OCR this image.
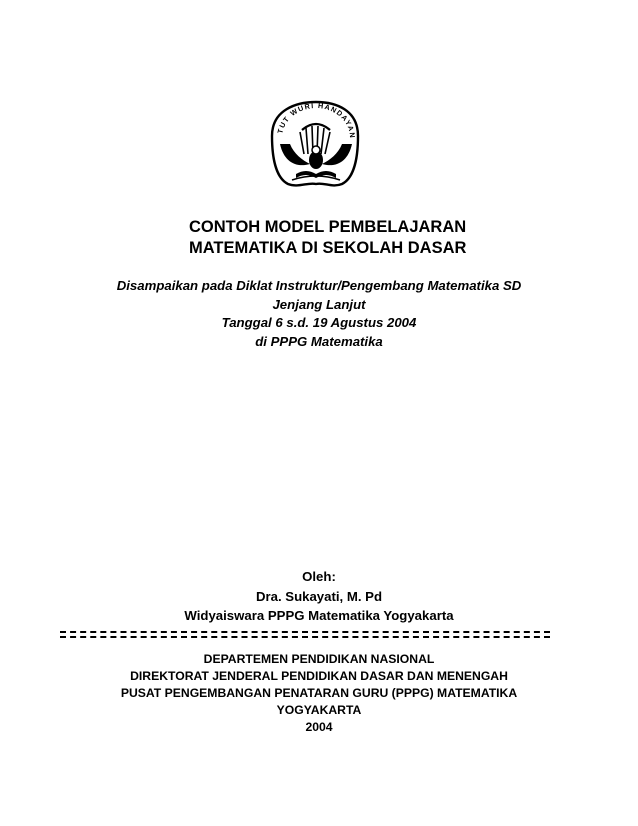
TUT WURI HANDAYAN
CONTOH MODEL PEMBELAJARAN
MATEMATIKA DI SEKOLAH DASAR
Disampaikan pada Diklat Instruktur/Pengembang Matematika SD
Jenjang Lanjut
Tanggal 6 s.d. 19 Agustus 2004
di PPPG Matematika
Oleh:
Dra. Sukayati, M. Pd
Widyaiswara PPPG Matematika Yogyakarta
DEPARTEMEN PENDIDIKAN NASIONAL
DIREKTORAT JENDERAL PENDIDIKAN DASAR DAN MENENGAH
PUSAT PENGEMBANGAN PENATARAN GURU (PPPG) MATEMATIKA
YOGYAKARTA
2004
